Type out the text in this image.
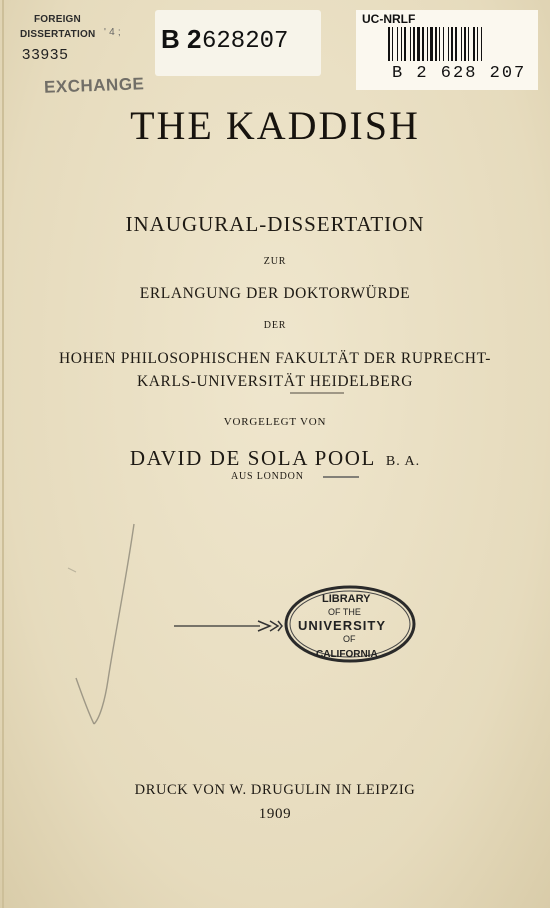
FOREIGN
DISSERTATION ' 4 ;
33935
EXCHANGE
B 2 628207
UC-NRLF
B 2 628 207
THE KADDISH
INAUGURAL-DISSERTATION
ZUR
ERLANGUNG DER DOKTORWÜRDE
DER
HOHEN PHILOSOPHISCHEN FAKULTÄT DER RUPRECHT-
KARLS-UNIVERSITÄT HEIDELBERG
VORGELEGT VON
DAVID DE SOLA POOL B. A.
AUS LONDON
LIBRARY
OF THE
UNIVERSITY
OF
CALIFORNIA
DRUCK VON W. DRUGULIN IN LEIPZIG
1909
